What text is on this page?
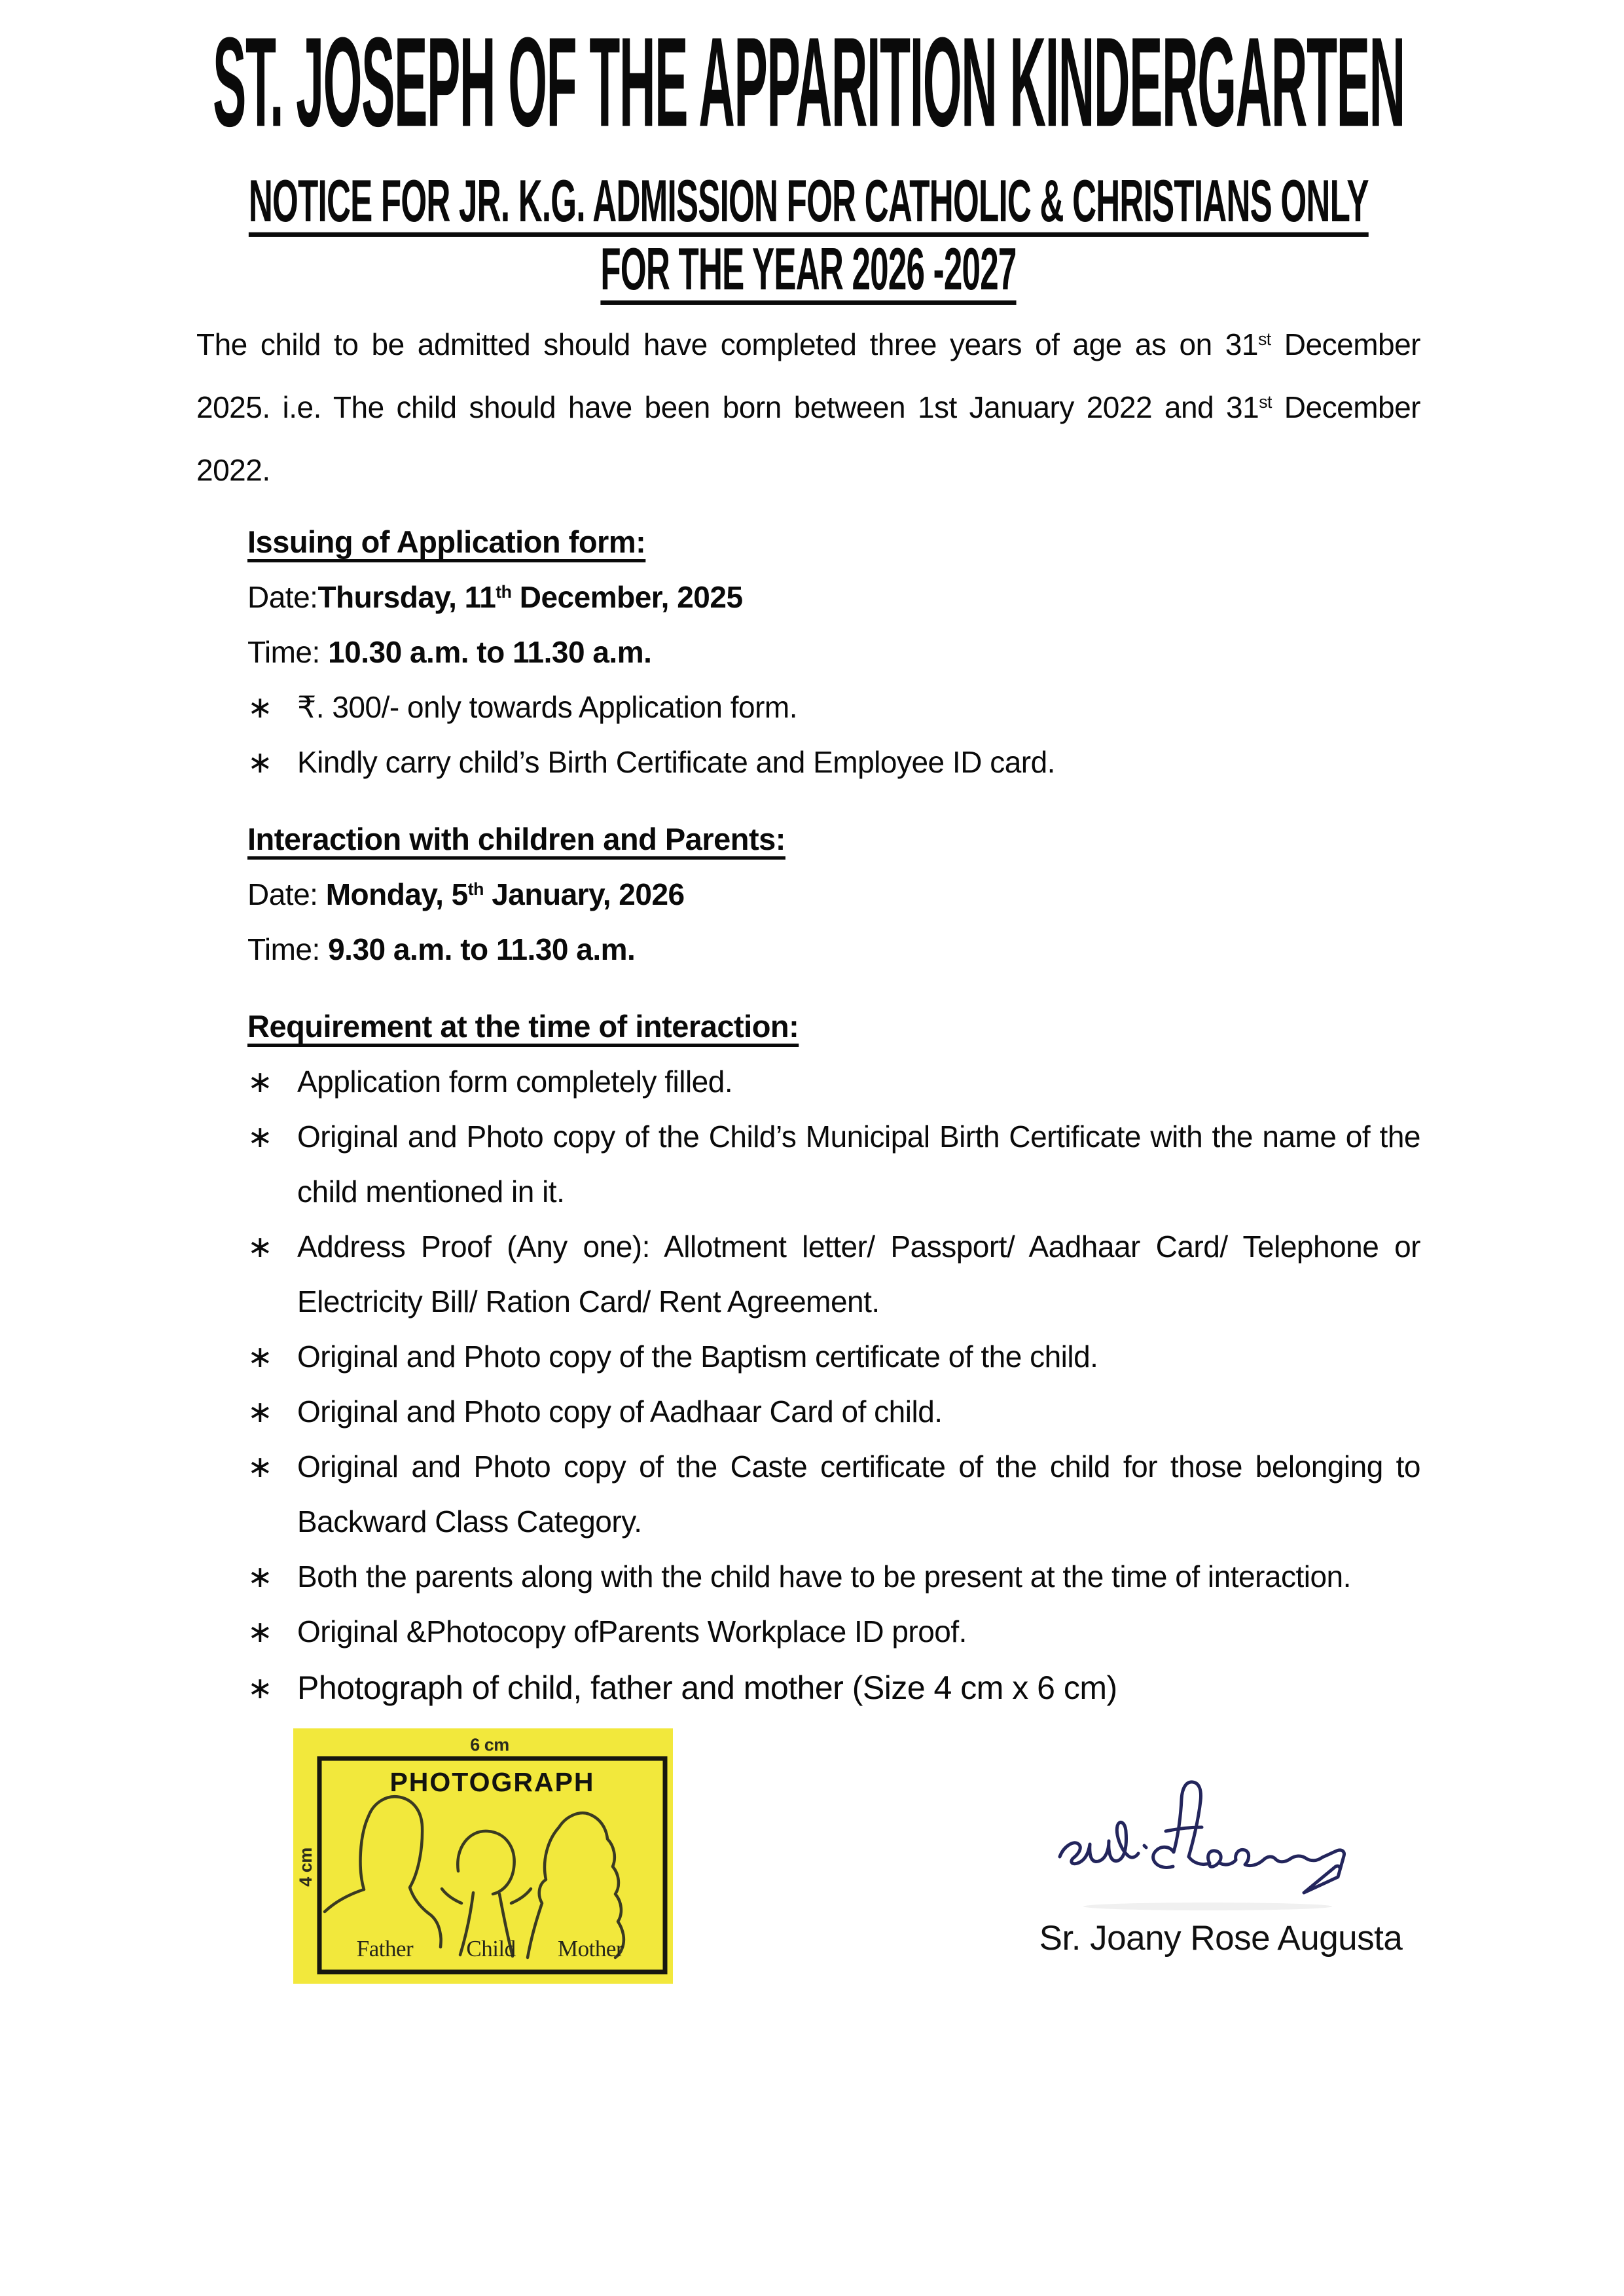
ST. JOSEPH OF THE APPARITION KINDERGARTEN
NOTICE FOR JR. K.G. ADMISSION FOR CATHOLIC & CHRISTIANS ONLY
FOR THE YEAR 2026 -2027

The child to be admitted should have completed three years of age as on 31st December 2025. i.e. The child should have been born between 1st January 2022 and 31st December 2022.

Issuing of Application form:
Date:Thursday, 11th December, 2025
Time: 10.30 a.m. to 11.30 a.m.
∗ ₹. 300/- only towards Application form.
∗ Kindly carry child’s Birth Certificate and Employee ID card.
Interaction with children and Parents:
Date: Monday, 5th January, 2026
Time: 9.30 a.m. to 11.30 a.m.
Requirement at the time of interaction:
∗ Application form completely filled.
∗ Original and Photo copy of the Child’s Municipal Birth Certificate with the name of the child mentioned in it.
∗ Address Proof (Any one): Allotment letter/ Passport/ Aadhaar Card/ Telephone or Electricity Bill/ Ration Card/ Rent Agreement.
∗ Original and Photo copy of the Baptism certificate of the child.
∗ Original and Photo copy of Aadhaar Card of child.
∗ Original and Photo copy of the Caste certificate of the child for those belonging to Backward Class Category.
∗ Both the parents along with the child have to be present at the time of interaction.
∗ Original &Photocopy ofParents Workplace ID proof.
∗ Photograph of child, father and mother (Size 4 cm x 6 cm)
6 cm
4 cm
PHOTOGRAPH
Father Child Mother	Sr. Joany Rose Augusta
